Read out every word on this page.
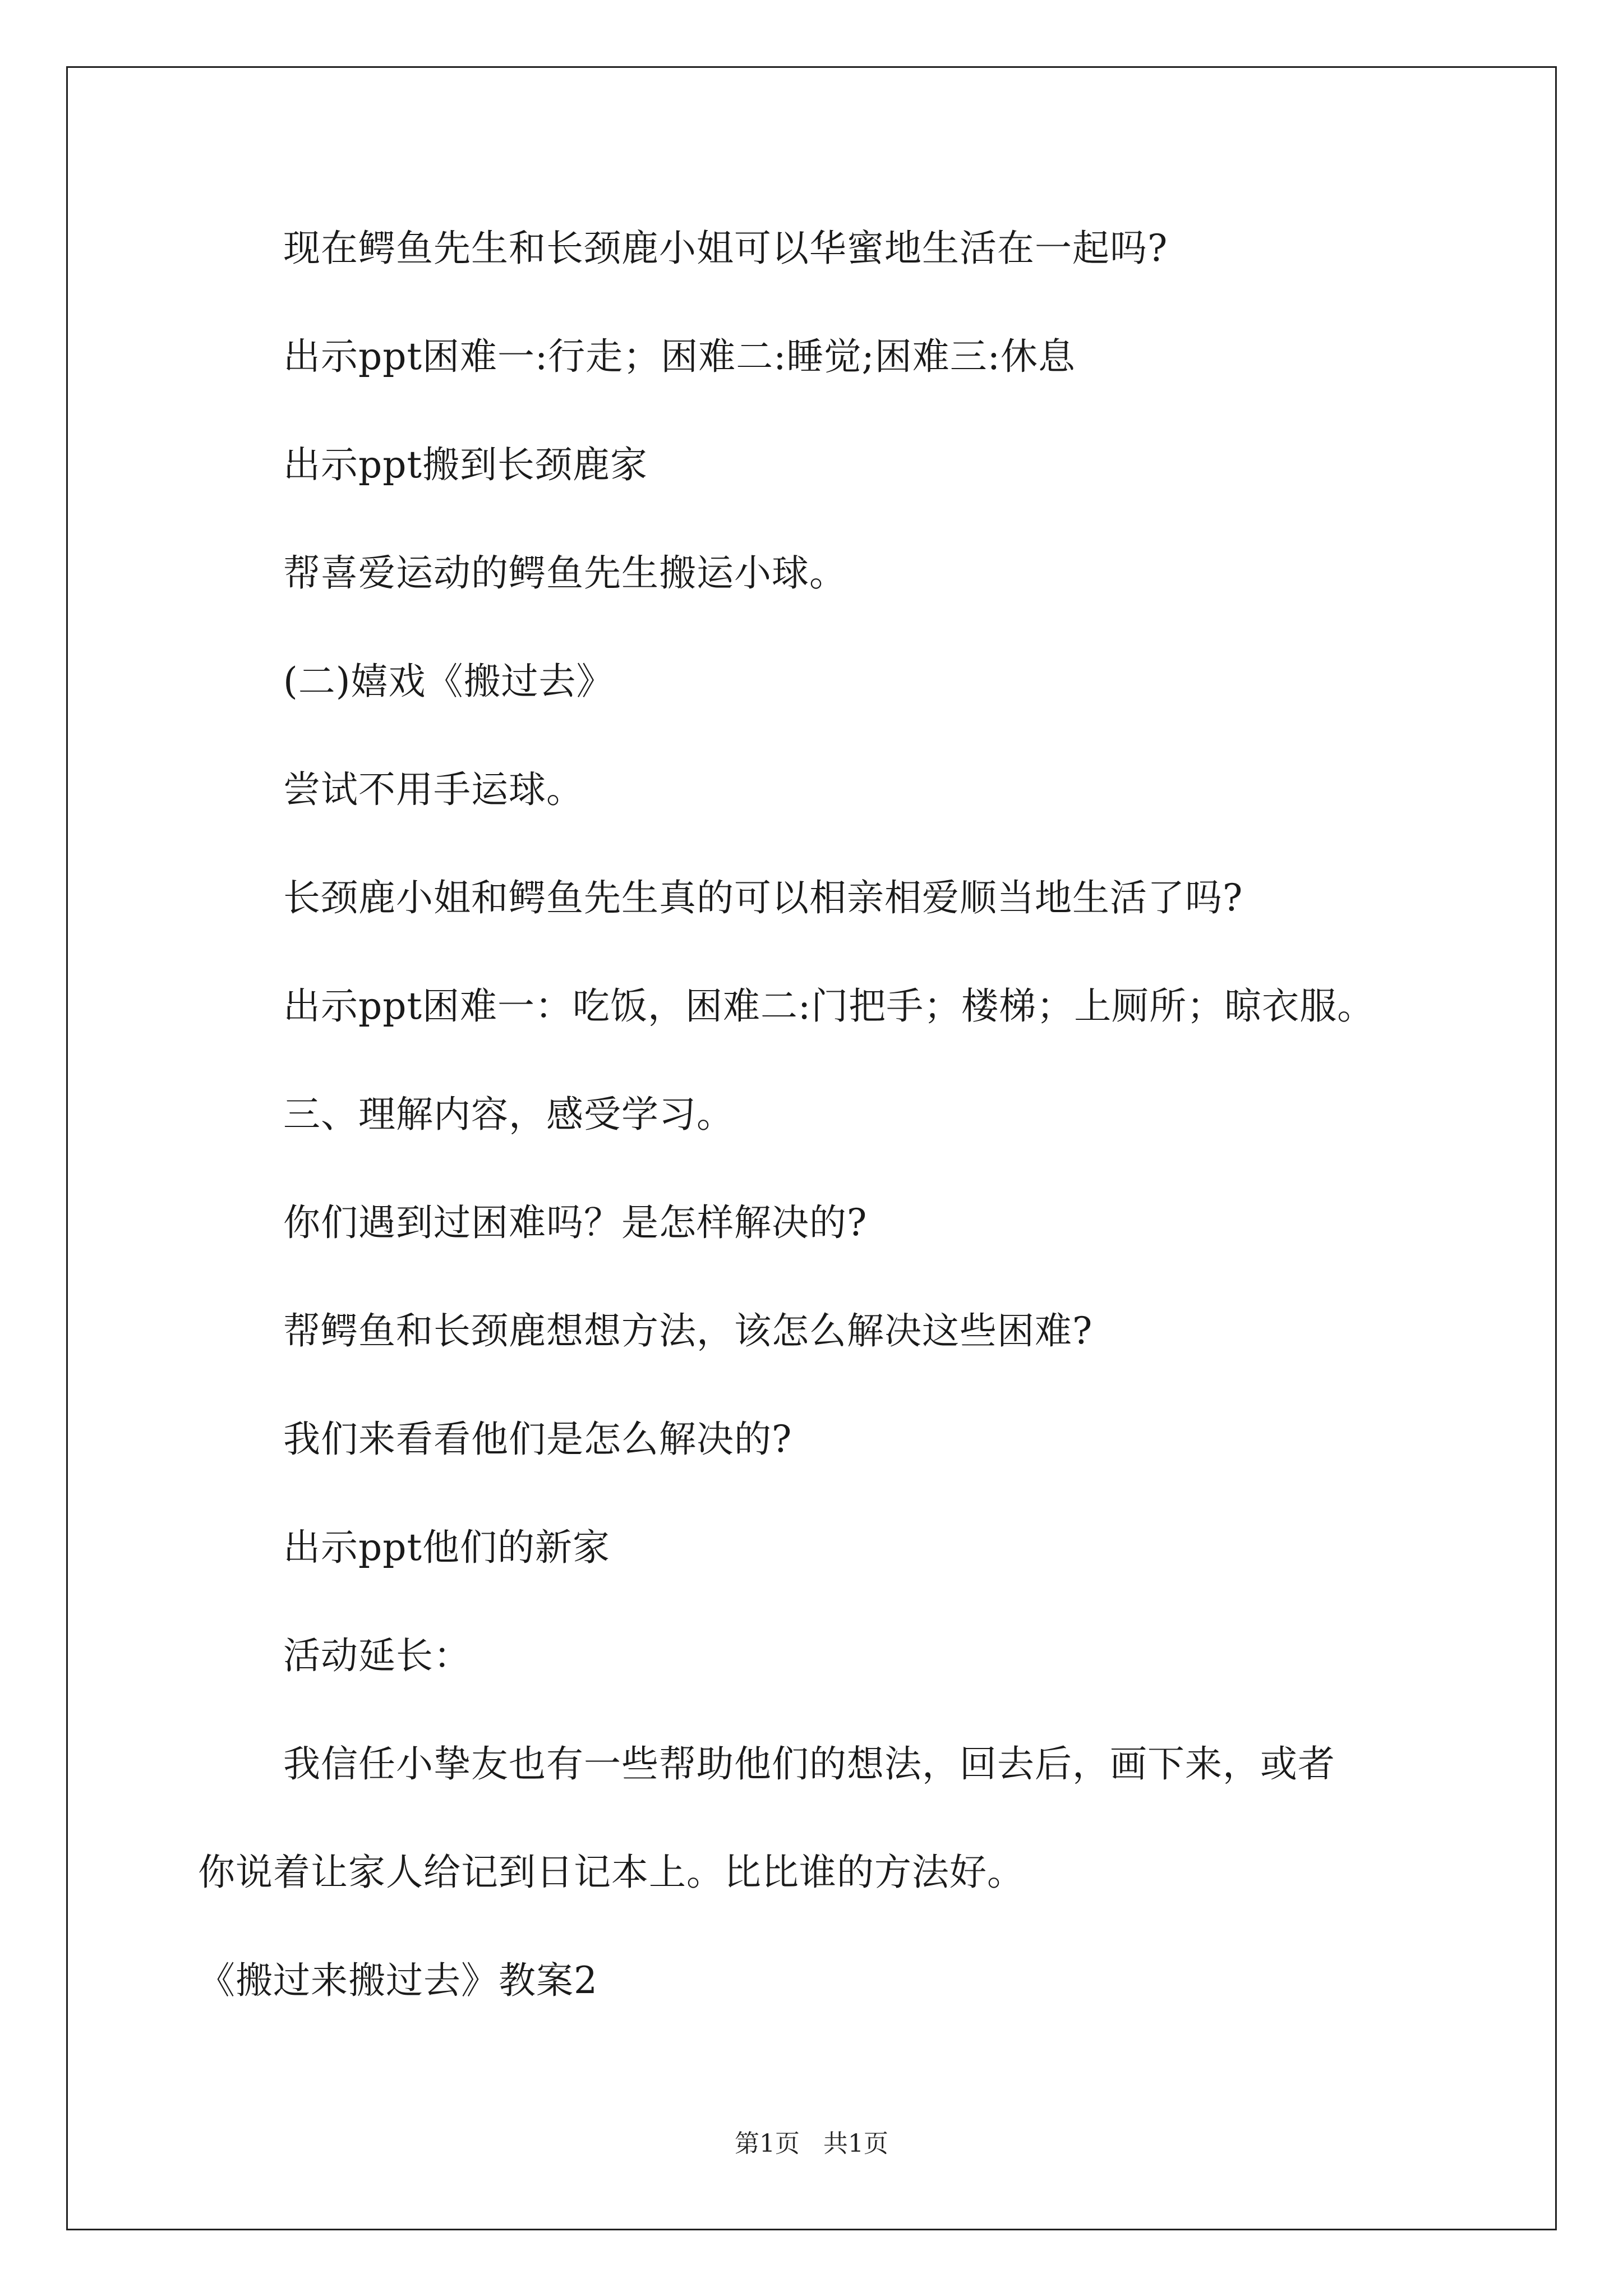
现在鳄鱼先生和长颈鹿小姐可以华蜜地生活在一起吗?
出示ppt困难一:行走；困难二:睡觉;困难三:休息
出示ppt搬到长颈鹿家
帮喜爱运动的鳄鱼先生搬运小球。
(二)嬉戏《搬过去》
尝试不用手运球。
长颈鹿小姐和鳄鱼先生真的可以相亲相爱顺当地生活了吗?
出示ppt困难一：吃饭，困难二:门把手；楼梯；上厕所；晾衣服。
三、理解内容，感受学习。
你们遇到过困难吗？是怎样解决的?
帮鳄鱼和长颈鹿想想方法，该怎么解决这些困难?
我们来看看他们是怎么解决的?
出示ppt他们的新家
活动延长：
我信任小挚友也有一些帮助他们的想法，回去后，画下来，或者
你说着让家人给记到日记本上。比比谁的方法好。
《搬过来搬过去》教案2
第1页 共1页
